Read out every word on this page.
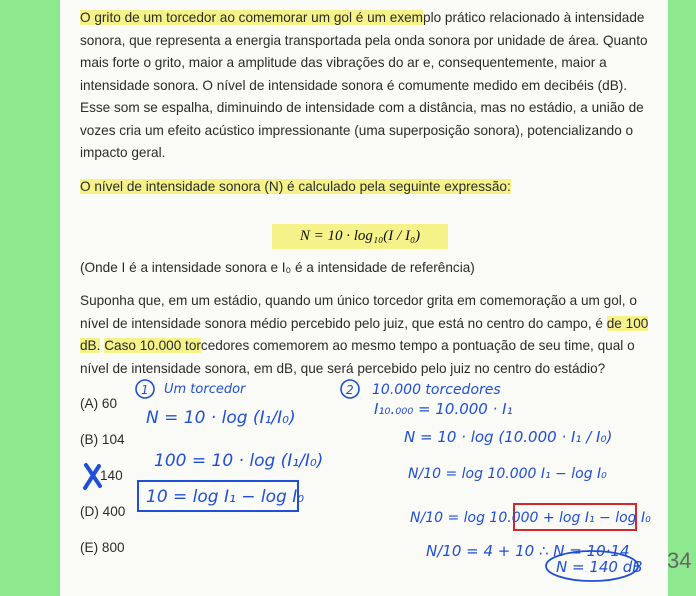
O grito de um torcedor ao comemorar um gol é um exemplo prático relacionado à intensidade sonora, que representa a energia transportada pela onda sonora por unidade de área. Quanto mais forte o grito, maior a amplitude das vibrações do ar e, consequentemente, maior a intensidade sonora. O nível de intensidade sonora é comumente medido em decibéis (dB). Esse som se espalha, diminuindo de intensidade com a distância, mas no estádio, a união de vozes cria um efeito acústico impressionante (uma superposição sonora), potencializando o impacto geral.
O nível de intensidade sonora (N) é calculado pela seguinte expressão:
N = 10 · log₁₀(I / I₀)
(Onde I é a intensidade sonora e I₀ é a intensidade de referência)
Suponha que, em um estádio, quando um único torcedor grita em comemoração a um gol, o nível de intensidade sonora médio percebido pelo juiz, que está no centro do campo, é de 100 dB. Caso 10.000 torcedores comemorem ao mesmo tempo a pontuação de seu time, qual o nível de intensidade sonora, em dB, que será percebido pelo juiz no centro do estádio?
(A) 60
(B) 104
140
(D) 400
(E) 800
1 Um torcedor
N = 10 · log (I₁/I₀)
100 = 10 · log (I₁/I₀)
10 = log I₁ − log I₀
2 10.000 torcedores
I₁₀.₀₀₀ = 10.000 · I₁
N = 10 · log (10.000 · I₁ / I₀)
N/10 = log 10.000 I₁ − log I₀
N/10 = log 10.000 + log I₁ − log I₀
N/10 = 4 + 10 ∴ N = 10·14
N = 140 dB 34
